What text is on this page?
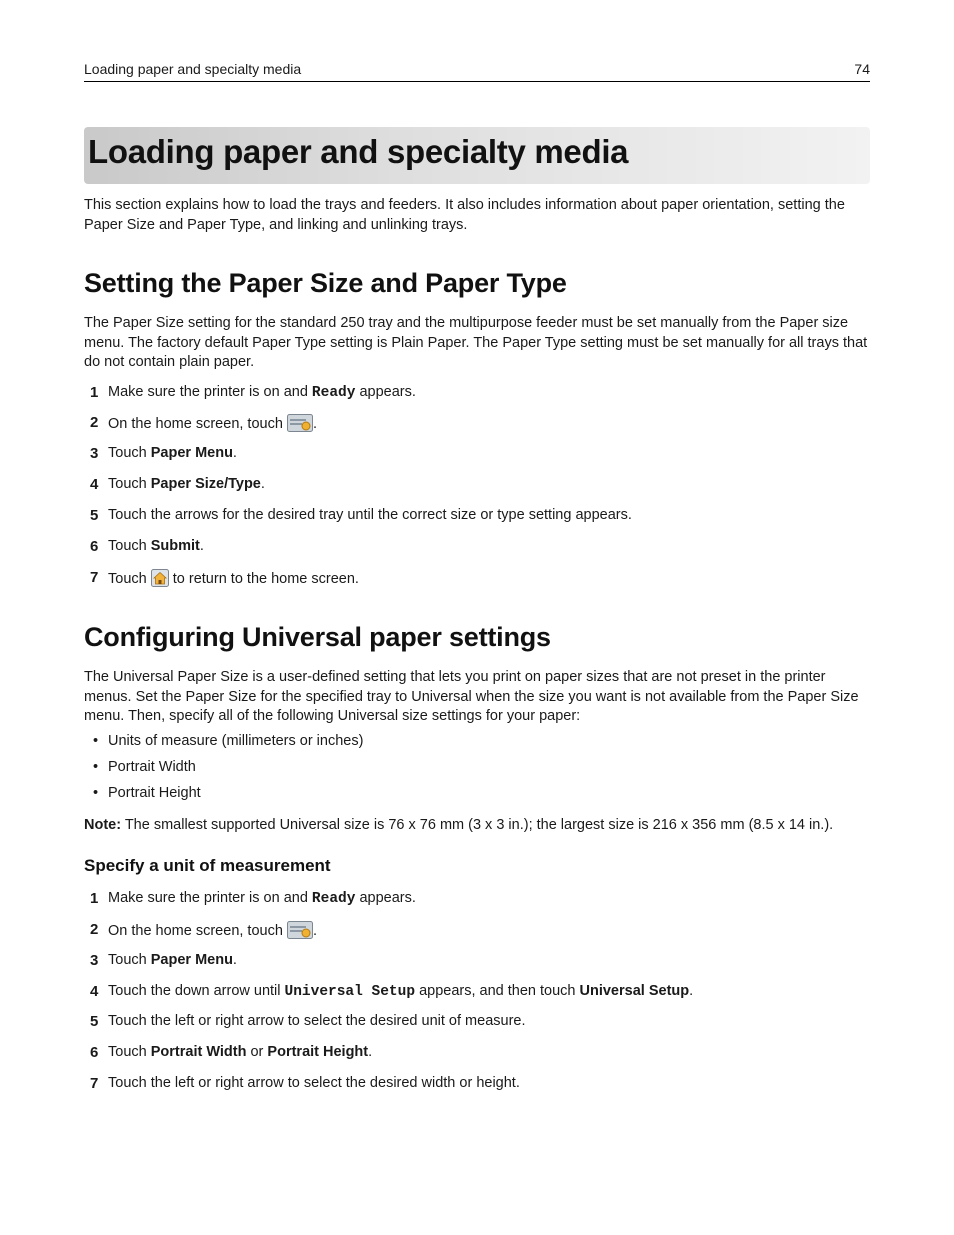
Loading paper and specialty media	74
Loading paper and specialty media

This section explains how to load the trays and feeders. It also includes information about paper orientation, setting the Paper Size and Paper Type, and linking and unlinking trays.

Setting the Paper Size and Paper Type

The Paper Size setting for the standard 250 tray and the multipurpose feeder must be set manually from the Paper size menu. The factory default Paper Type setting is Plain Paper. The Paper Type setting must be set manually for all trays that do not contain plain paper.

1 Make sure the printer is on and Ready appears.
2 On the home screen, touch .
3 Touch Paper Menu.
4 Touch Paper Size/Type.
5 Touch the arrows for the desired tray until the correct size or type setting appears.
6 Touch Submit.
7 Touch  to return to the home screen.
Configuring Universal paper settings

The Universal Paper Size is a user-defined setting that lets you print on paper sizes that are not preset in the printer menus. Set the Paper Size for the specified tray to Universal when the size you want is not available from the Paper Size menu. Then, specify all of the following Universal size settings for your paper:

• Units of measure (millimeters or inches)
• Portrait Width
• Portrait Height

Note: The smallest supported Universal size is 76 x 76 mm (3 x 3 in.); the largest size is 216 x 356 mm (8.5 x 14 in.).

Specify a unit of measurement
1 Make sure the printer is on and Ready appears.
2 On the home screen, touch .
3 Touch Paper Menu.
4 Touch the down arrow until Universal Setup appears, and then touch Universal Setup.
5 Touch the left or right arrow to select the desired unit of measure.
6 Touch Portrait Width or Portrait Height.
7 Touch the left or right arrow to select the desired width or height.
